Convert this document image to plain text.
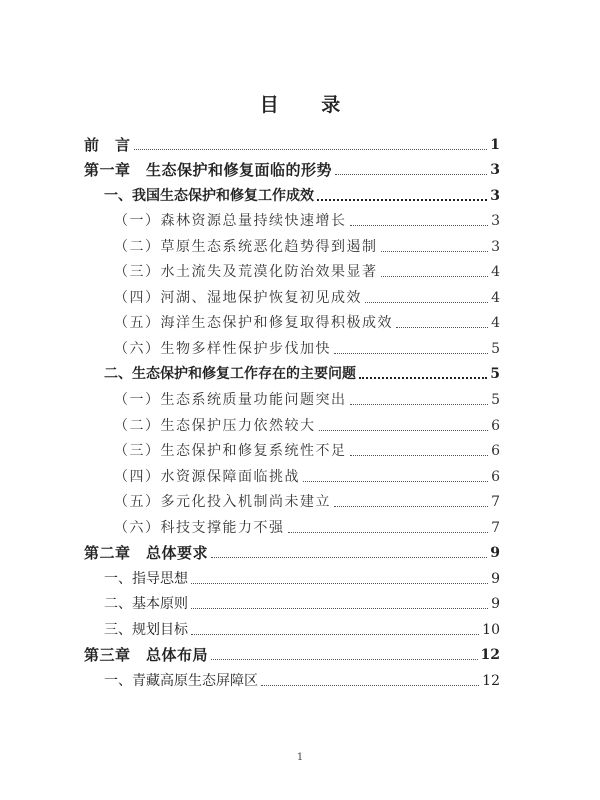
目 录
前　言	1
第一章　生态保护和修复面临的形势	3
一、我国生态保护和修复工作成效	3
（一）森林资源总量持续快速增长	3
（二）草原生态系统恶化趋势得到遏制	3
（三）水土流失及荒漠化防治效果显著	4
（四）河湖、湿地保护恢复初见成效	4
（五）海洋生态保护和修复取得积极成效	4
（六）生物多样性保护步伐加快	5
二、生态保护和修复工作存在的主要问题	5
（一）生态系统质量功能问题突出	5
（二）生态保护压力依然较大	6
（三）生态保护和修复系统性不足	6
（四）水资源保障面临挑战	6
（五）多元化投入机制尚未建立	7
（六）科技支撑能力不强	7
第二章　总体要求	9
一、指导思想	9
二、基本原则	9
三、规划目标	10
第三章　总体布局	12
一、青藏高原生态屏障区	12
1
